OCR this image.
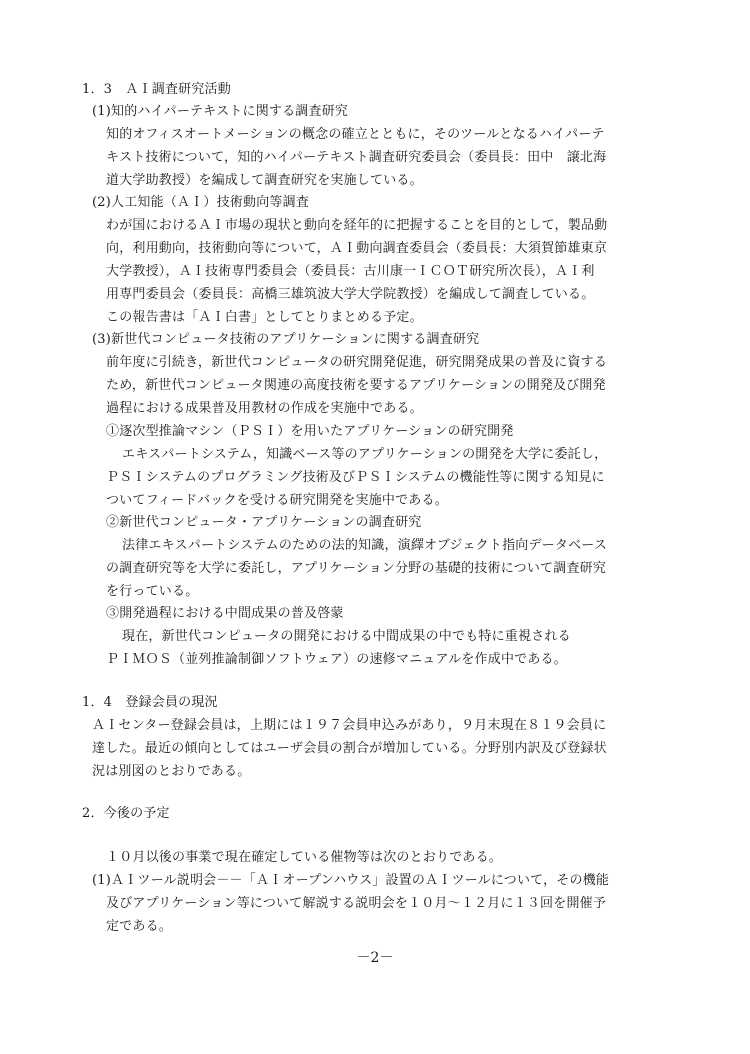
1．3　ＡＩ調査研究活動
(1)知的ハイパーテキストに関する調査研究
知的オフィスオートメーションの概念の確立とともに，そのツールとなるハイパーテ
キスト技術について，知的ハイパーテキスト調査研究委員会（委員長：田中　譲北海
道大学助教授）を編成して調査研究を実施している。
(2)人工知能（ＡＩ）技術動向等調査
わが国におけるＡＩ市場の現状と動向を経年的に把握することを目的として，製品動
向，利用動向，技術動向等について，ＡＩ動向調査委員会（委員長：大須賀節雄東京
大学教授），ＡＩ技術専門委員会（委員長：古川康一ＩＣＯＴ研究所次長），ＡＩ利
用専門委員会（委員長：高橋三雄筑波大学大学院教授）を編成して調査している。
この報告書は「ＡＩ白書」としてとりまとめる予定。
(3)新世代コンピュータ技術のアプリケーションに関する調査研究
前年度に引続き，新世代コンピュータの研究開発促進，研究開発成果の普及に資する
ため，新世代コンピュータ関連の高度技術を要するアプリケーションの開発及び開発
過程における成果普及用教材の作成を実施中である。
①逐次型推論マシン（ＰＳＩ）を用いたアプリケーションの研究開発
エキスパートシステム，知識ベース等のアプリケーションの開発を大学に委託し，
ＰＳＩシステムのプログラミング技術及びＰＳＩシステムの機能性等に関する知見に
ついてフィードバックを受ける研究開発を実施中である。
②新世代コンピュータ・アプリケーションの調査研究
法律エキスパートシステムのための法的知識，演繹オブジェクト指向データベース
の調査研究等を大学に委託し，アプリケーション分野の基礎的技術について調査研究
を行っている。
③開発過程における中間成果の普及啓蒙
現在，新世代コンピュータの開発における中間成果の中でも特に重視される
ＰＩＭＯＳ（並列推論制御ソフトウェア）の速修マニュアルを作成中である。
1．4　登録会員の現況
ＡＩセンター登録会員は，上期には１９７会員申込みがあり，９月末現在８１９会員に
達した。最近の傾向としてはユーザ会員の割合が増加している。分野別内訳及び登録状
況は別図のとおりである。
2．今後の予定
１０月以後の事業で現在確定している催物等は次のとおりである。
(1)ＡＩツール説明会－－「ＡＩオープンハウス」設置のＡＩツールについて，その機能
及びアプリケーション等について解説する説明会を１０月～１２月に１３回を開催予
定である。
－2－
